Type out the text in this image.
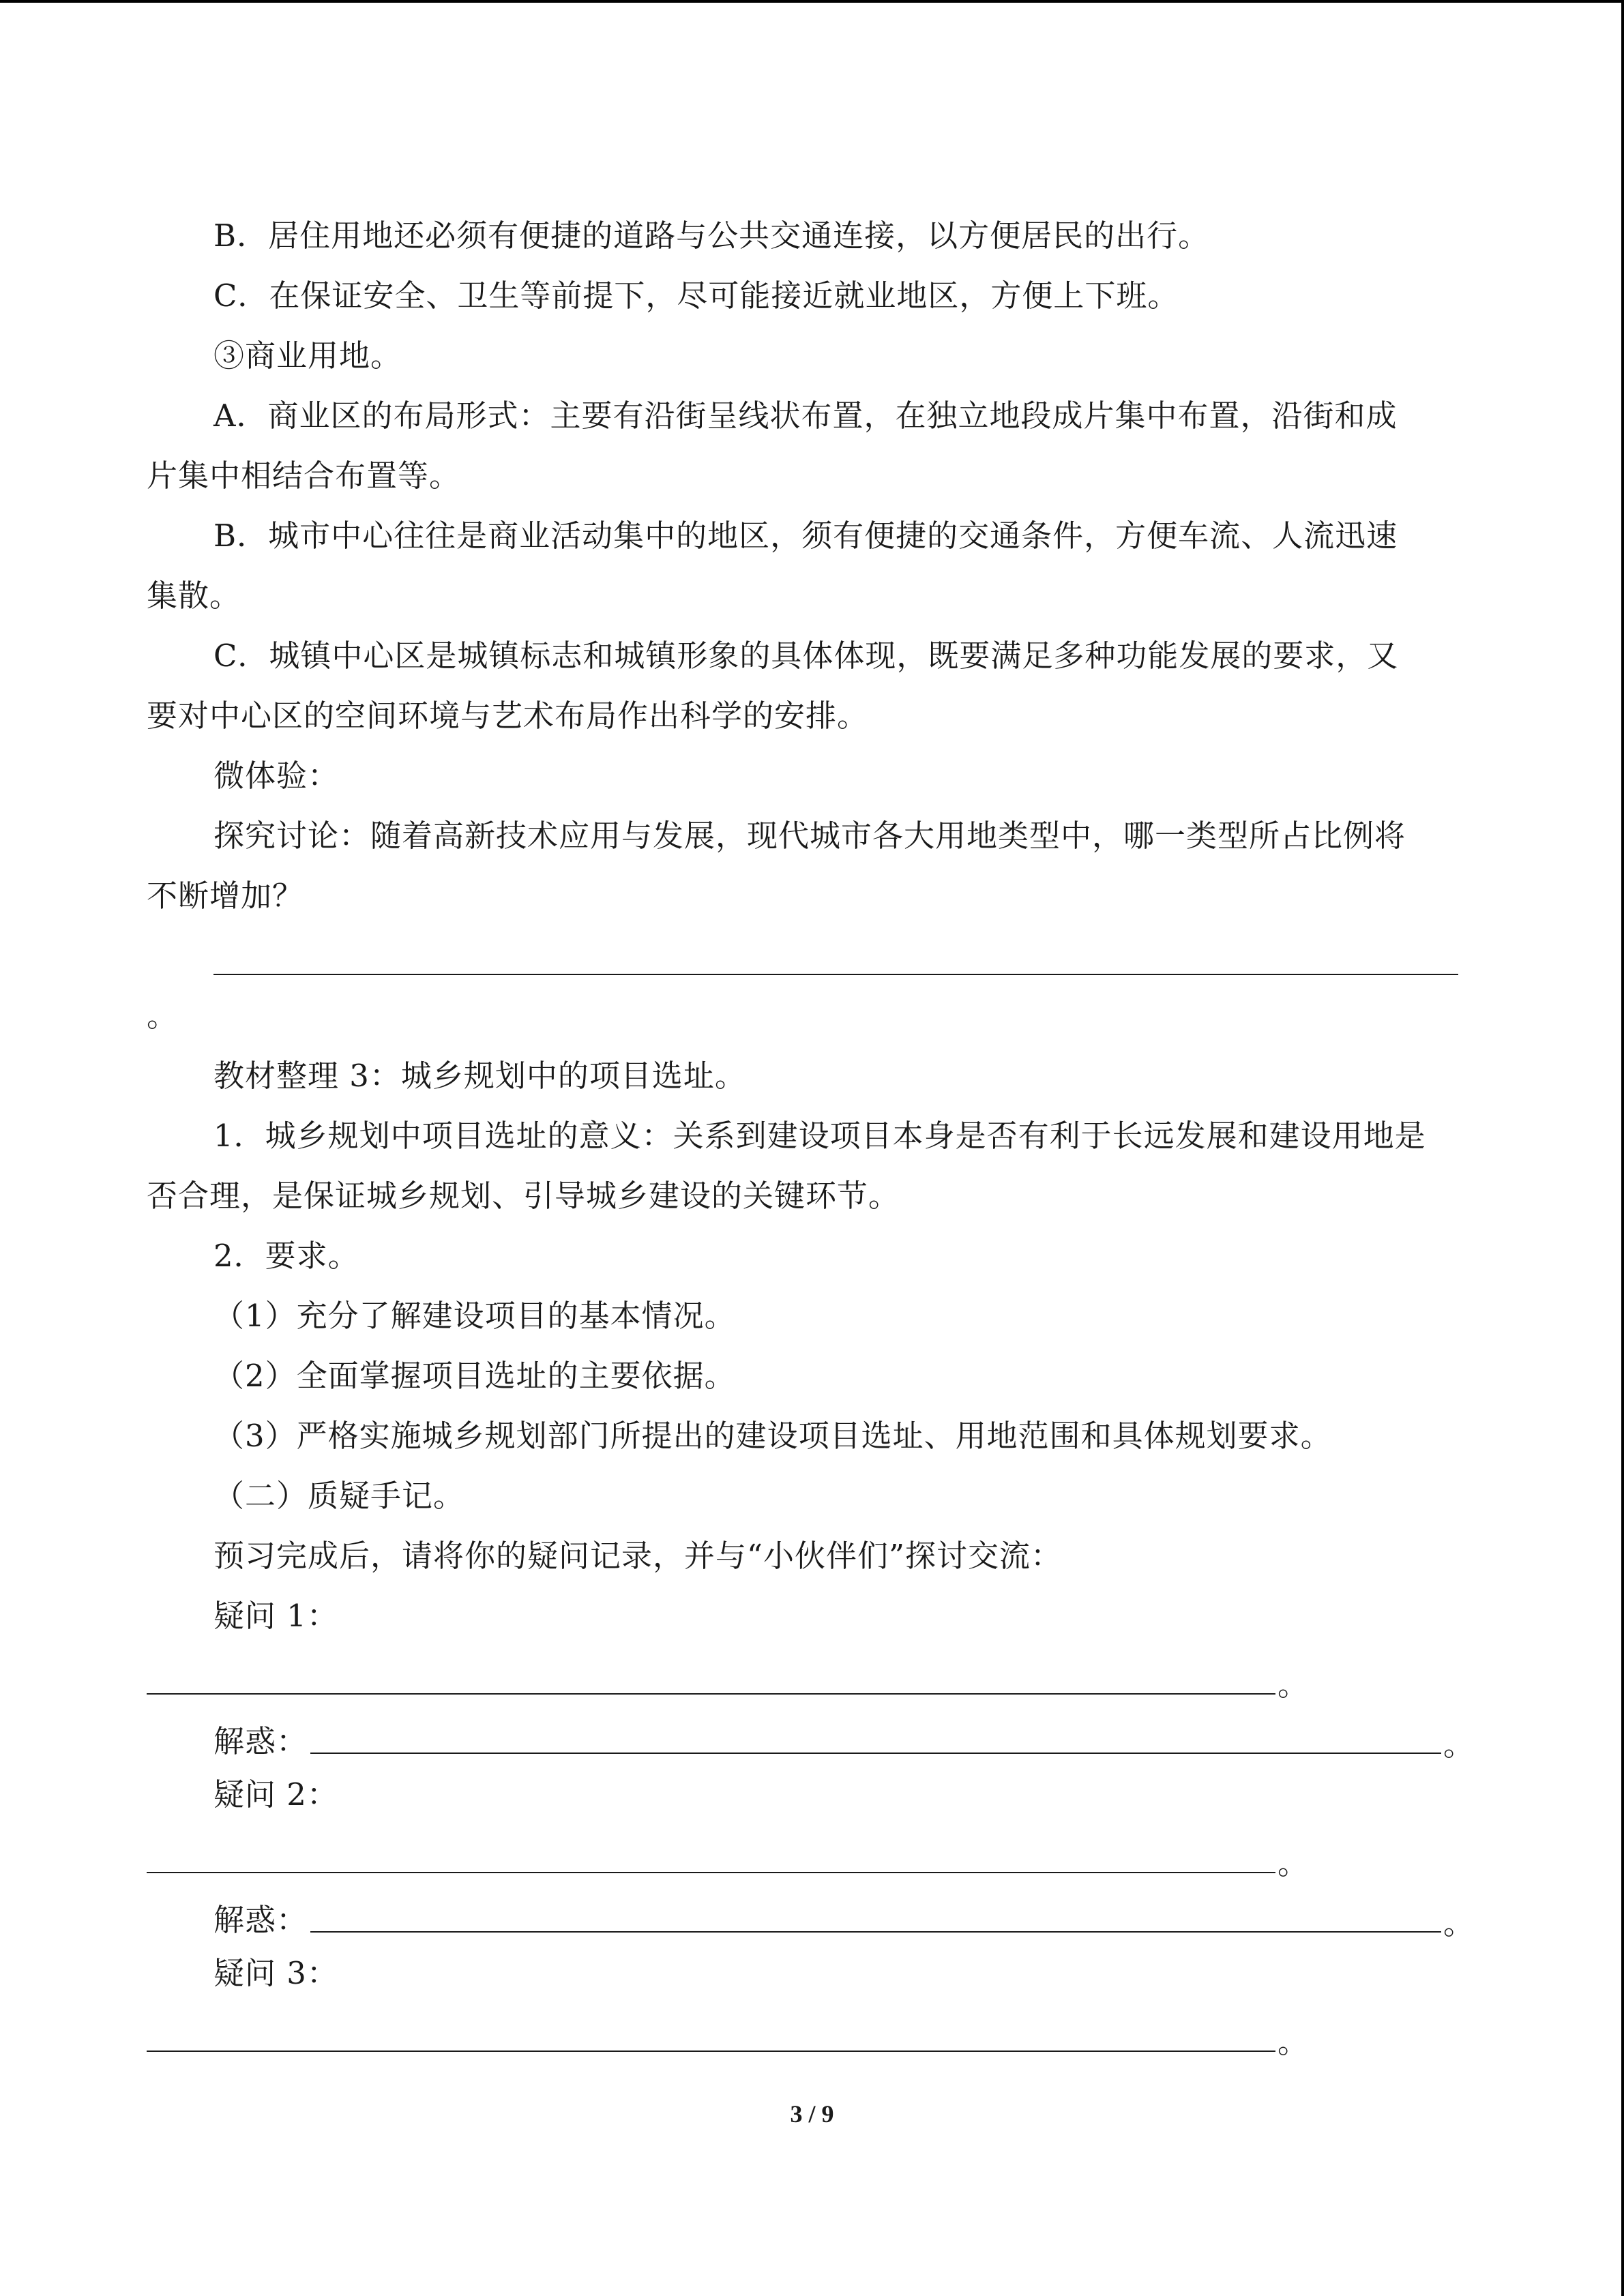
B．居住用地还必须有便捷的道路与公共交通连接，以方便居民的出行。
C．在保证安全、卫生等前提下，尽可能接近就业地区，方便上下班。
③商业用地。
A．商业区的布局形式：主要有沿街呈线状布置，在独立地段成片集中布置，沿街和成
片集中相结合布置等。
B．城市中心往往是商业活动集中的地区，须有便捷的交通条件，方便车流、人流迅速
集散。
C．城镇中心区是城镇标志和城镇形象的具体体现，既要满足多种功能发展的要求，又
要对中心区的空间环境与艺术布局作出科学的安排。
微体验：
探究讨论：随着高新技术应用与发展，现代城市各大用地类型中，哪一类型所占比例将
不断增加？
。
教材整理 3：城乡规划中的项目选址。
1．城乡规划中项目选址的意义：关系到建设项目本身是否有利于长远发展和建设用地是
否合理，是保证城乡规划、引导城乡建设的关键环节。
2．要求。
（1）充分了解建设项目的基本情况。
（2）全面掌握项目选址的主要依据。
（3）严格实施城乡规划部门所提出的建设项目选址、用地范围和具体规划要求。
（二）质疑手记。
预习完成后，请将你的疑问记录，并与“小伙伴们”探讨交流：
疑问 1：
。
解惑：	。
疑问 2：
。
解惑：	。
疑问 3：
。
3 / 9
